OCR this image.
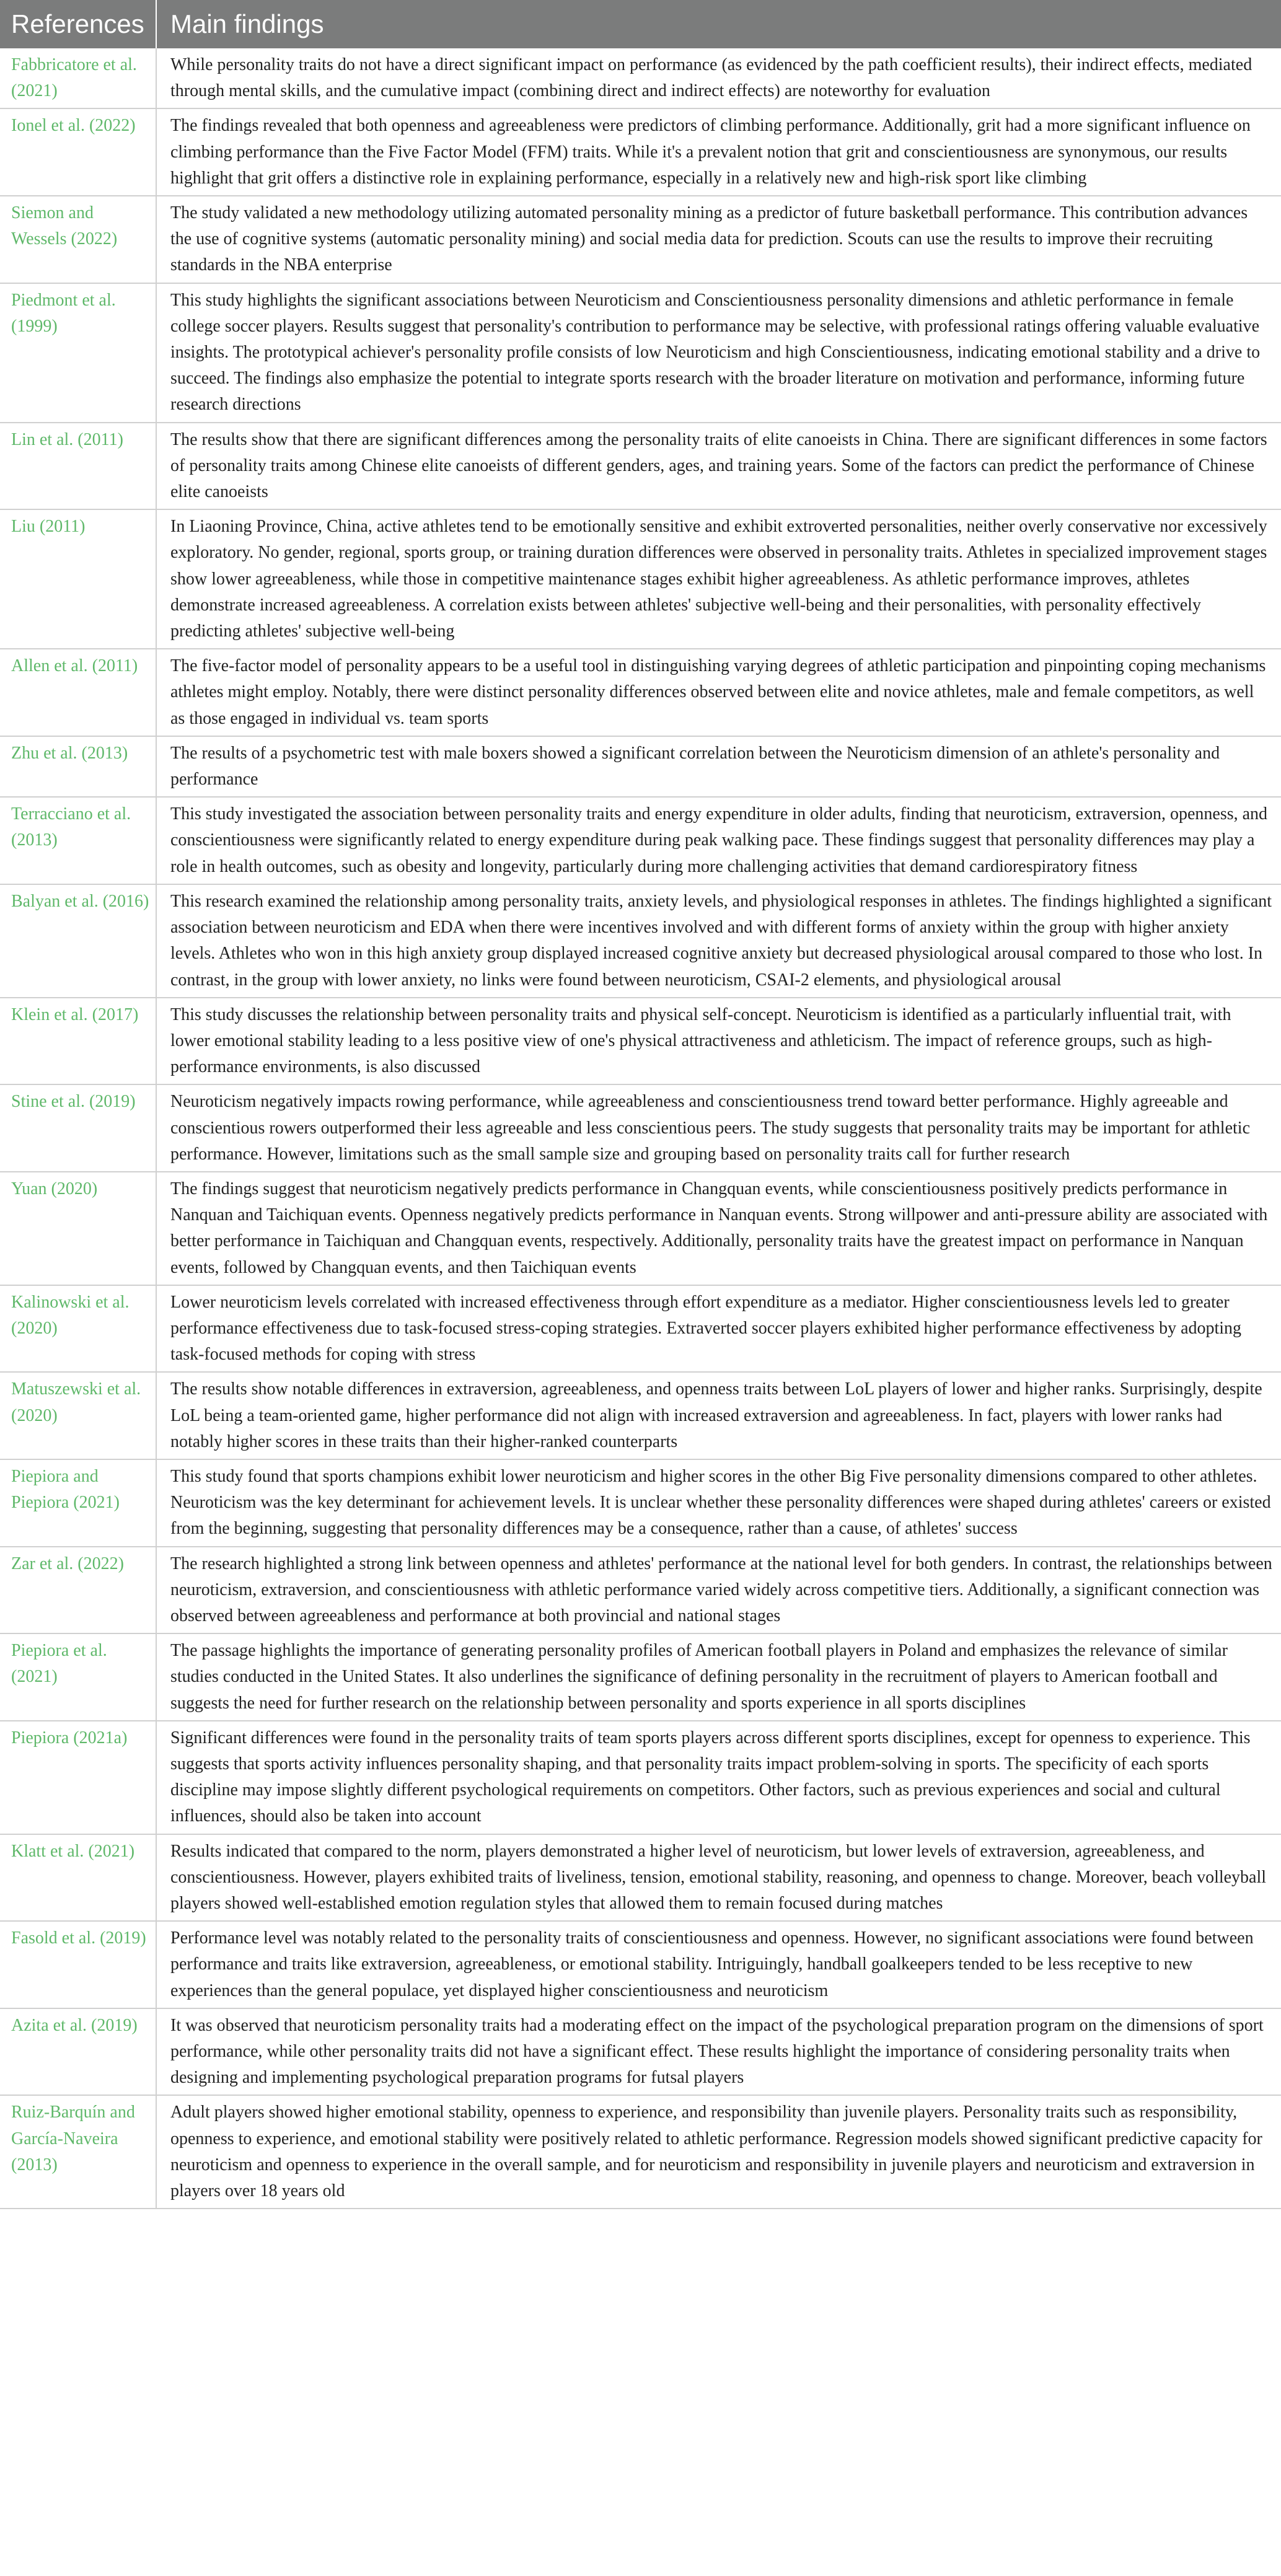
References	Main findings
Fabbricatore et al. (2021)	While personality traits do not have a direct significant impact on performance (as evidenced by the path coefficient results), their indirect effects, mediated through mental skills, and the cumulative impact (combining direct and indirect effects) are noteworthy for evaluation
Ionel et al. (2022)	The findings revealed that both openness and agreeableness were predictors of climbing performance. Additionally, grit had a more significant influence on climbing performance than the Five Factor Model (FFM) traits. While it's a prevalent notion that grit and conscientiousness are synonymous, our results highlight that grit offers a distinctive role in explaining performance, especially in a relatively new and high-risk sport like climbing
Siemon and Wessels (2022)	The study validated a new methodology utilizing automated personality mining as a predictor of future basketball performance. This contribution advances the use of cognitive systems (automatic personality mining) and social media data for prediction. Scouts can use the results to improve their recruiting standards in the NBA enterprise
Piedmont et al. (1999)	This study highlights the significant associations between Neuroticism and Conscientiousness personality dimensions and athletic performance in female college soccer players. Results suggest that personality's contribution to performance may be selective, with professional ratings offering valuable evaluative insights. The prototypical achiever's personality profile consists of low Neuroticism and high Conscientiousness, indicating emotional stability and a drive to succeed. The findings also emphasize the potential to integrate sports research with the broader literature on motivation and performance, informing future research directions
Lin et al. (2011)	The results show that there are significant differences among the personality traits of elite canoeists in China. There are significant differences in some factors of personality traits among Chinese elite canoeists of different genders, ages, and training years. Some of the factors can predict the performance of Chinese elite canoeists
Liu (2011)	In Liaoning Province, China, active athletes tend to be emotionally sensitive and exhibit extroverted personalities, neither overly conservative nor excessively exploratory. No gender, regional, sports group, or training duration differences were observed in personality traits. Athletes in specialized improvement stages show lower agreeableness, while those in competitive maintenance stages exhibit higher agreeableness. As athletic performance improves, athletes demonstrate increased agreeableness. A correlation exists between athletes' subjective well-being and their personalities, with personality effectively predicting athletes' subjective well-being
Allen et al. (2011)	The five-factor model of personality appears to be a useful tool in distinguishing varying degrees of athletic participation and pinpointing coping mechanisms athletes might employ. Notably, there were distinct personality differences observed between elite and novice athletes, male and female competitors, as well as those engaged in individual vs. team sports
Zhu et al. (2013)	The results of a psychometric test with male boxers showed a significant correlation between the Neuroticism dimension of an athlete's personality and performance
Terracciano et al. (2013)	This study investigated the association between personality traits and energy expenditure in older adults, finding that neuroticism, extraversion, openness, and conscientiousness were significantly related to energy expenditure during peak walking pace. These findings suggest that personality differences may play a role in health outcomes, such as obesity and longevity, particularly during more challenging activities that demand cardiorespiratory fitness
Balyan et al. (2016)	This research examined the relationship among personality traits, anxiety levels, and physiological responses in athletes. The findings highlighted a significant association between neuroticism and EDA when there were incentives involved and with different forms of anxiety within the group with higher anxiety levels. Athletes who won in this high anxiety group displayed increased cognitive anxiety but decreased physiological arousal compared to those who lost. In contrast, in the group with lower anxiety, no links were found between neuroticism, CSAI-2 elements, and physiological arousal
Klein et al. (2017)	This study discusses the relationship between personality traits and physical self-concept. Neuroticism is identified as a particularly influential trait, with lower emotional stability leading to a less positive view of one's physical attractiveness and athleticism. The impact of reference groups, such as high-performance environments, is also discussed
Stine et al. (2019)	Neuroticism negatively impacts rowing performance, while agreeableness and conscientiousness trend toward better performance. Highly agreeable and conscientious rowers outperformed their less agreeable and less conscientious peers. The study suggests that personality traits may be important for athletic performance. However, limitations such as the small sample size and grouping based on personality traits call for further research
Yuan (2020)	The findings suggest that neuroticism negatively predicts performance in Changquan events, while conscientiousness positively predicts performance in Nanquan and Taichiquan events. Openness negatively predicts performance in Nanquan events. Strong willpower and anti-pressure ability are associated with better performance in Taichiquan and Changquan events, respectively. Additionally, personality traits have the greatest impact on performance in Nanquan events, followed by Changquan events, and then Taichiquan events
Kalinowski et al. (2020)	Lower neuroticism levels correlated with increased effectiveness through effort expenditure as a mediator. Higher conscientiousness levels led to greater performance effectiveness due to task-focused stress-coping strategies. Extraverted soccer players exhibited higher performance effectiveness by adopting task-focused methods for coping with stress
Matuszewski et al. (2020)	The results show notable differences in extraversion, agreeableness, and openness traits between LoL players of lower and higher ranks. Surprisingly, despite LoL being a team-oriented game, higher performance did not align with increased extraversion and agreeableness. In fact, players with lower ranks had notably higher scores in these traits than their higher-ranked counterparts
Piepiora and Piepiora (2021)	This study found that sports champions exhibit lower neuroticism and higher scores in the other Big Five personality dimensions compared to other athletes. Neuroticism was the key determinant for achievement levels. It is unclear whether these personality differences were shaped during athletes' careers or existed from the beginning, suggesting that personality differences may be a consequence, rather than a cause, of athletes' success
Zar et al. (2022)	The research highlighted a strong link between openness and athletes' performance at the national level for both genders. In contrast, the relationships between neuroticism, extraversion, and conscientiousness with athletic performance varied widely across competitive tiers. Additionally, a significant connection was observed between agreeableness and performance at both provincial and national stages
Piepiora et al. (2021)	The passage highlights the importance of generating personality profiles of American football players in Poland and emphasizes the relevance of similar studies conducted in the United States. It also underlines the significance of defining personality in the recruitment of players to American football and suggests the need for further research on the relationship between personality and sports experience in all sports disciplines
Piepiora (2021a)	Significant differences were found in the personality traits of team sports players across different sports disciplines, except for openness to experience. This suggests that sports activity influences personality shaping, and that personality traits impact problem-solving in sports. The specificity of each sports discipline may impose slightly different psychological requirements on competitors. Other factors, such as previous experiences and social and cultural influences, should also be taken into account
Klatt et al. (2021)	Results indicated that compared to the norm, players demonstrated a higher level of neuroticism, but lower levels of extraversion, agreeableness, and conscientiousness. However, players exhibited traits of liveliness, tension, emotional stability, reasoning, and openness to change. Moreover, beach volleyball players showed well-established emotion regulation styles that allowed them to remain focused during matches
Fasold et al. (2019)	Performance level was notably related to the personality traits of conscientiousness and openness. However, no significant associations were found between performance and traits like extraversion, agreeableness, or emotional stability. Intriguingly, handball goalkeepers tended to be less receptive to new experiences than the general populace, yet displayed higher conscientiousness and neuroticism
Azita et al. (2019)	It was observed that neuroticism personality traits had a moderating effect on the impact of the psychological preparation program on the dimensions of sport performance, while other personality traits did not have a significant effect. These results highlight the importance of considering personality traits when designing and implementing psychological preparation programs for futsal players
Ruiz-Barquín and García-Naveira (2013)	Adult players showed higher emotional stability, openness to experience, and responsibility than juvenile players. Personality traits such as responsibility, openness to experience, and emotional stability were positively related to athletic performance. Regression models showed significant predictive capacity for neuroticism and openness to experience in the overall sample, and for neuroticism and responsibility in juvenile players and neuroticism and extraversion in players over 18 years old
